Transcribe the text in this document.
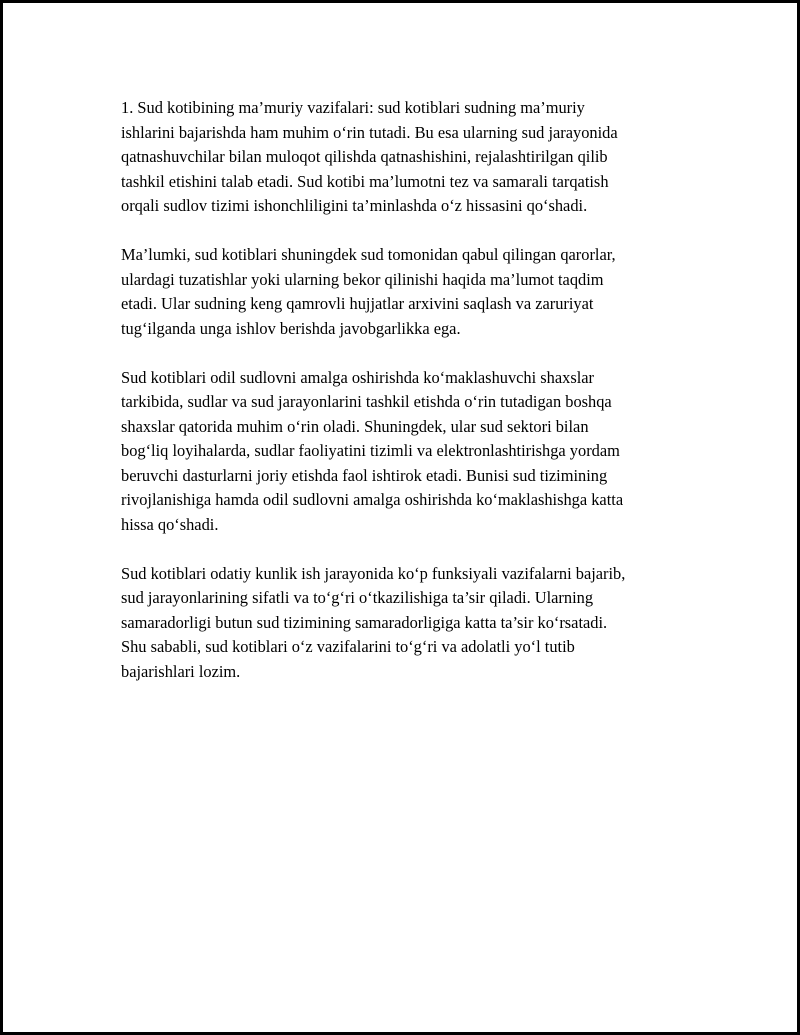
1. Sud kotibining ma’muriy vazifalari: sud kotiblari sudning ma’muriy
ishlarini bajarishda ham muhim o‘rin tutadi. Bu esa ularning sud jarayonida
qatnashuvchilar bilan muloqot qilishda qatnashishini, rejalashtirilgan qilib
tashkil etishini talab etadi. Sud kotibi ma’lumotni tez va samarali tarqatish
orqali sudlov tizimi ishonchliligini ta’minlashda o‘z hissasini qo‘shadi.

Ma’lumki, sud kotiblari shuningdek sud tomonidan qabul qilingan qarorlar,
ulardagi tuzatishlar yoki ularning bekor qilinishi haqida ma’lumot taqdim
etadi. Ular sudning keng qamrovli hujjatlar arxivini saqlash va zaruriyat
tug‘ilganda unga ishlov berishda javobgarlikka ega.

Sud kotiblari odil sudlovni amalga oshirishda ko‘maklashuvchi shaxslar
tarkibida, sudlar va sud jarayonlarini tashkil etishda o‘rin tutadigan boshqa
shaxslar qatorida muhim o‘rin oladi. Shuningdek, ular sud sektori bilan
bog‘liq loyihalarda, sudlar faoliyatini tizimli va elektronlashtirishga yordam
beruvchi dasturlarni joriy etishda faol ishtirok etadi. Bunisi sud tizimining
rivojlanishiga hamda odil sudlovni amalga oshirishda ko‘maklashishga katta
hissa qo‘shadi.

Sud kotiblari odatiy kunlik ish jarayonida ko‘p funksiyali vazifalarni bajarib,
sud jarayonlarining sifatli va to‘g‘ri o‘tkazilishiga ta’sir qiladi. Ularning
samaradorligi butun sud tizimining samaradorligiga katta ta’sir ko‘rsatadi.
Shu sababli, sud kotiblari o‘z vazifalarini to‘g‘ri va adolatli yo‘l tutib
bajarishlari lozim.
